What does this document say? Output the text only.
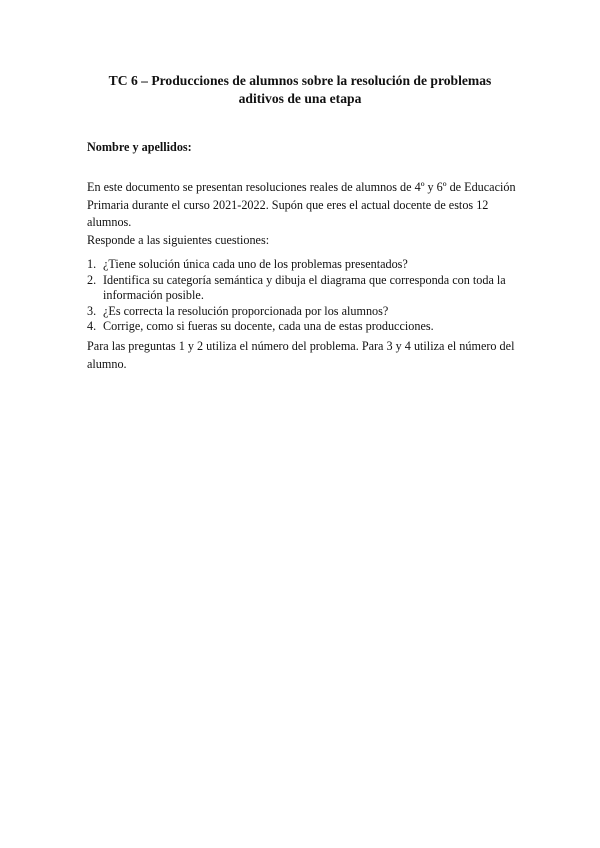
TC 6 – Producciones de alumnos sobre la resolución de problemas
aditivos de una etapa
Nombre y apellidos:
En este documento se presentan resoluciones reales de alumnos de 4º y 6º de Educación Primaria durante el curso 2021-2022. Supón que eres el actual docente de estos 12 alumnos.
Responde a las siguientes cuestiones:
1. ¿Tiene solución única cada uno de los problemas presentados?
2. Identifica su categoría semántica y dibuja el diagrama que corresponda con toda la información posible.
3. ¿Es correcta la resolución proporcionada por los alumnos?
4. Corrige, como si fueras su docente, cada una de estas producciones.
Para las preguntas 1 y 2 utiliza el número del problema. Para 3 y 4 utiliza el número del alumno.
